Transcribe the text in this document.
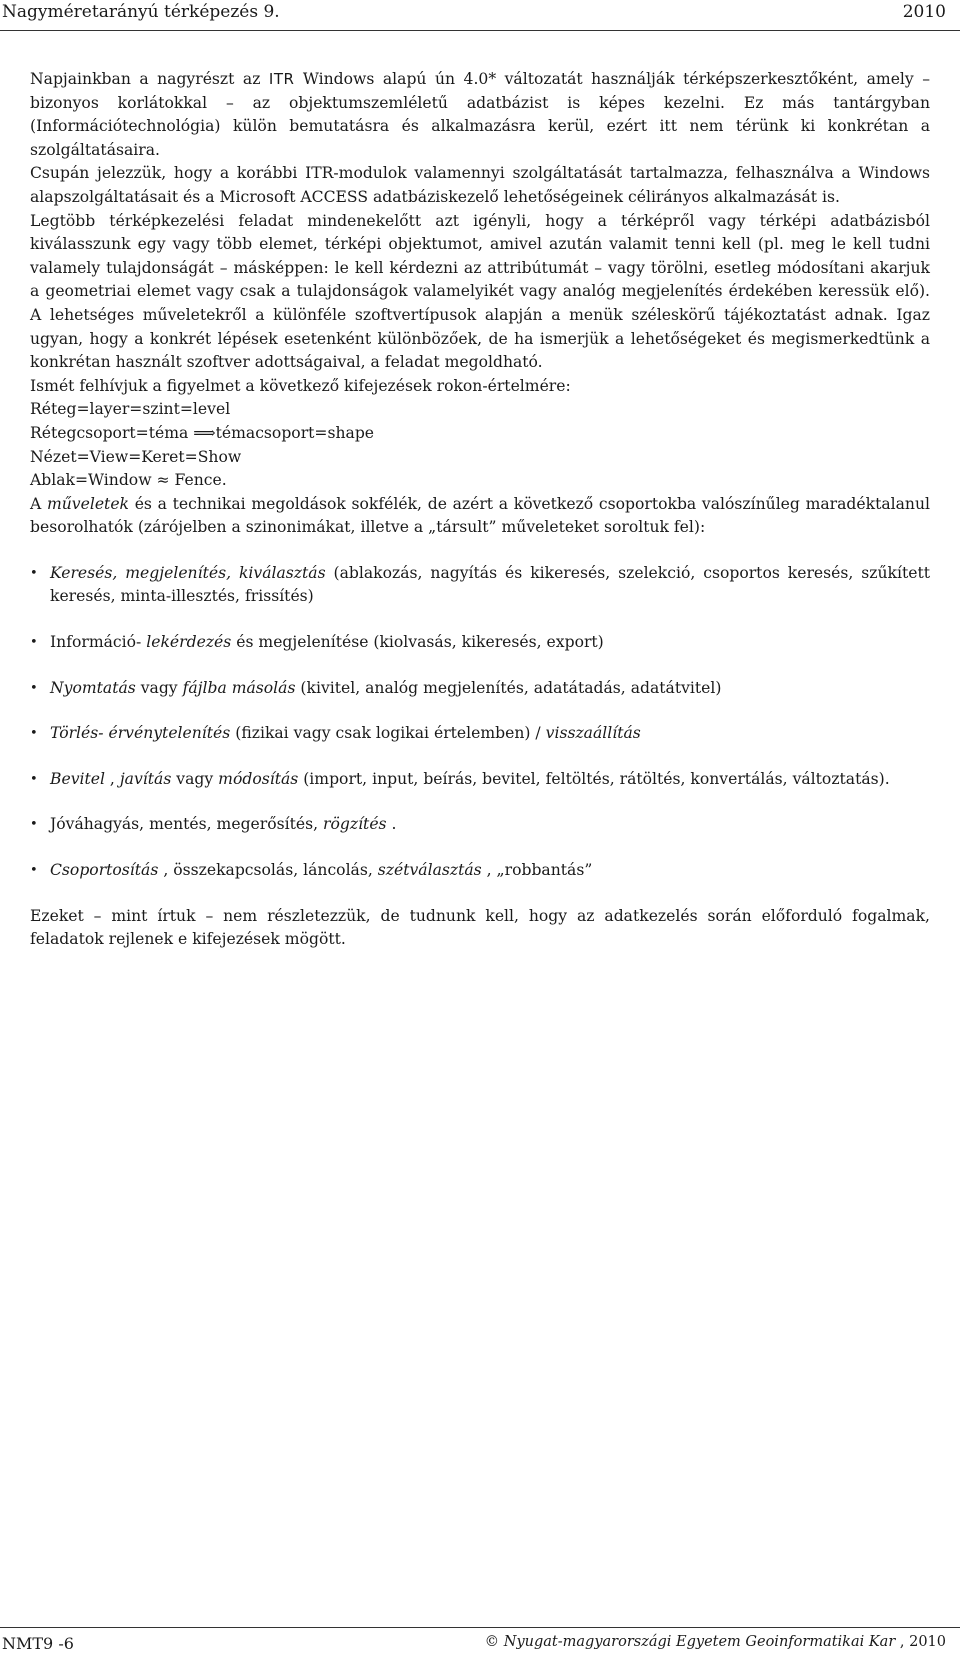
Nagyméretarányú térképezés 9.	2010

Napjainkban a nagyrészt az ITR Windows alapú ún 4.0* változatát használják térképszerkesztőként, amely – bizonyos korlátokkal – az objektumszemléletű adatbázist is képes kezelni. Ez más tantárgyban (Információtechnológia) külön bemutatásra és alkalmazásra kerül, ezért itt nem térünk ki konkrétan a szolgáltatásaira.

Csupán jelezzük, hogy a korábbi ITR-modulok valamennyi szolgáltatását tartalmazza, felhasználva a Windows alapszolgáltatásait és a Microsoft ACCESS adatbáziskezelő lehetőségeinek célirányos alkalmazását is.

Legtöbb térképkezelési feladat mindenekelőtt azt igényli, hogy a térképről vagy térképi adatbázisból kiválasszunk egy vagy több elemet, térképi objektumot, amivel azután valamit tenni kell (pl. meg le kell tudni valamely tulajdonságát – másképpen: le kell kérdezni az attribútumát – vagy törölni, esetleg módosítani akarjuk a geometriai elemet vagy csak a tulajdonságok valamelyikét vagy analóg megjelenítés érdekében keressük elő). A lehetséges műveletekről a különféle szoftvertípusok alapján a menük széleskörű tájékoztatást adnak. Igaz ugyan, hogy a konkrét lépések esetenként különbözőek, de ha ismerjük a lehetőségeket és megismerkedtünk a konkrétan használt szoftver adottságaival, a feladat megoldható.

Ismét felhívjuk a figyelmet a következő kifejezések rokon-értelmére:

Réteg=layer=szint=level

Rétegcsoport=téma ⟹témacsoport=shape

Nézet=View=Keret=Show

Ablak=Window ≈ Fence.

A műveletek és a technikai megoldások sokfélék, de azért a következő csoportokba valószínűleg maradéktalanul besorolhatók (zárójelben a szinonimákat, illetve a „társult” műveleteket soroltuk fel):

• Keresés, megjelenítés, kiválasztás (ablakozás, nagyítás és kikeresés, szelekció, csoportos keresés, szűkített keresés, minta-illesztés, frissítés)
• Információ- lekérdezés és megjelenítése (kiolvasás, kikeresés, export)
• Nyomtatás vagy fájlba másolás (kivitel, analóg megjelenítés, adatátadás, adatátvitel)
• Törlés- érvénytelenítés (fizikai vagy csak logikai értelemben) / visszaállítás
• Bevitel , javítás vagy módosítás (import, input, beírás, bevitel, feltöltés, rátöltés, konvertálás, változtatás).
• Jóváhagyás, mentés, megerősítés, rögzítés .
• Csoportosítás , összekapcsolás, láncolás, szétválasztás , „robbantás”

Ezeket – mint írtuk – nem részletezzük, de tudnunk kell, hogy az adatkezelés során előforduló fogalmak, feladatok rejlenek e kifejezések mögött.

NMT9 -6	© Nyugat-magyarországi Egyetem Geoinformatikai Kar , 2010
